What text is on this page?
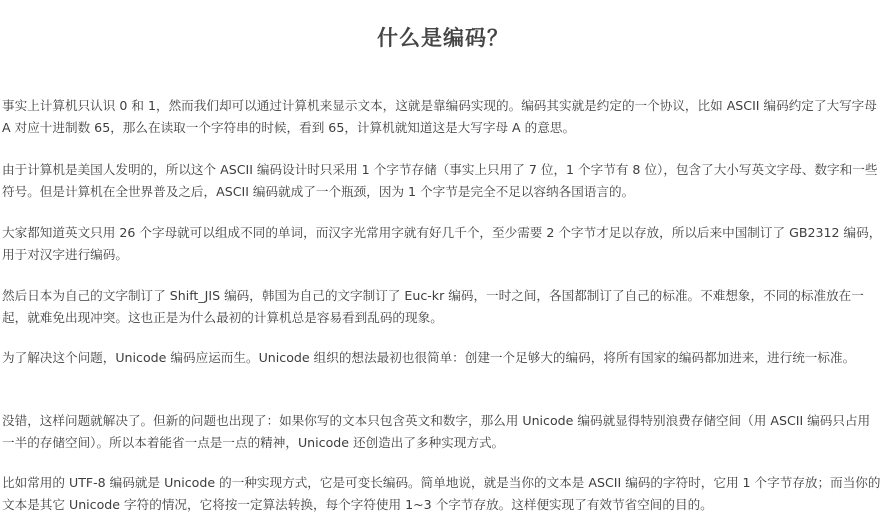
什么是编码？

事实上计算机只认识 0 和 1，然而我们却可以通过计算机来显示文本，这就是靠编码实现的。编码其实就是约定的一个协议，比如 ASCII 编码约定了大写字母 A 对应十进制数 65，那么在读取一个字符串的时候，看到 65，计算机就知道这是大写字母 A 的意思。

由于计算机是美国人发明的，所以这个 ASCII 编码设计时只采用 1 个字节存储（事实上只用了 7 位，1 个字节有 8 位），包含了大小写英文字母、数字和一些符号。但是计算机在全世界普及之后，ASCII 编码就成了一个瓶颈，因为 1 个字节是完全不足以容纳各国语言的。

大家都知道英文只用 26 个字母就可以组成不同的单词，而汉字光常用字就有好几千个，至少需要 2 个字节才足以存放，所以后来中国制订了 GB2312 编码，用于对汉字进行编码。

然后日本为自己的文字制订了 Shift_JIS 编码，韩国为自己的文字制订了 Euc-kr 编码，一时之间，各国都制订了自己的标准。不难想象，不同的标准放在一起，就难免出现冲突。这也正是为什么最初的计算机总是容易看到乱码的现象。

为了解决这个问题，Unicode 编码应运而生。Unicode 组织的想法最初也很简单：创建一个足够大的编码，将所有国家的编码都加进来，进行统一标准。

没错，这样问题就解决了。但新的问题也出现了：如果你写的文本只包含英文和数字，那么用 Unicode 编码就显得特别浪费存储空间（用 ASCII 编码只占用一半的存储空间）。所以本着能省一点是一点的精神，Unicode 还创造出了多种实现方式。

比如常用的 UTF-8 编码就是 Unicode 的一种实现方式，它是可变长编码。简单地说，就是当你的文本是 ASCII 编码的字符时，它用 1 个字节存放；而当你的文本是其它 Unicode 字符的情况，它将按一定算法转换，每个字符使用 1~3 个字节存放。这样便实现了有效节省空间的目的。
